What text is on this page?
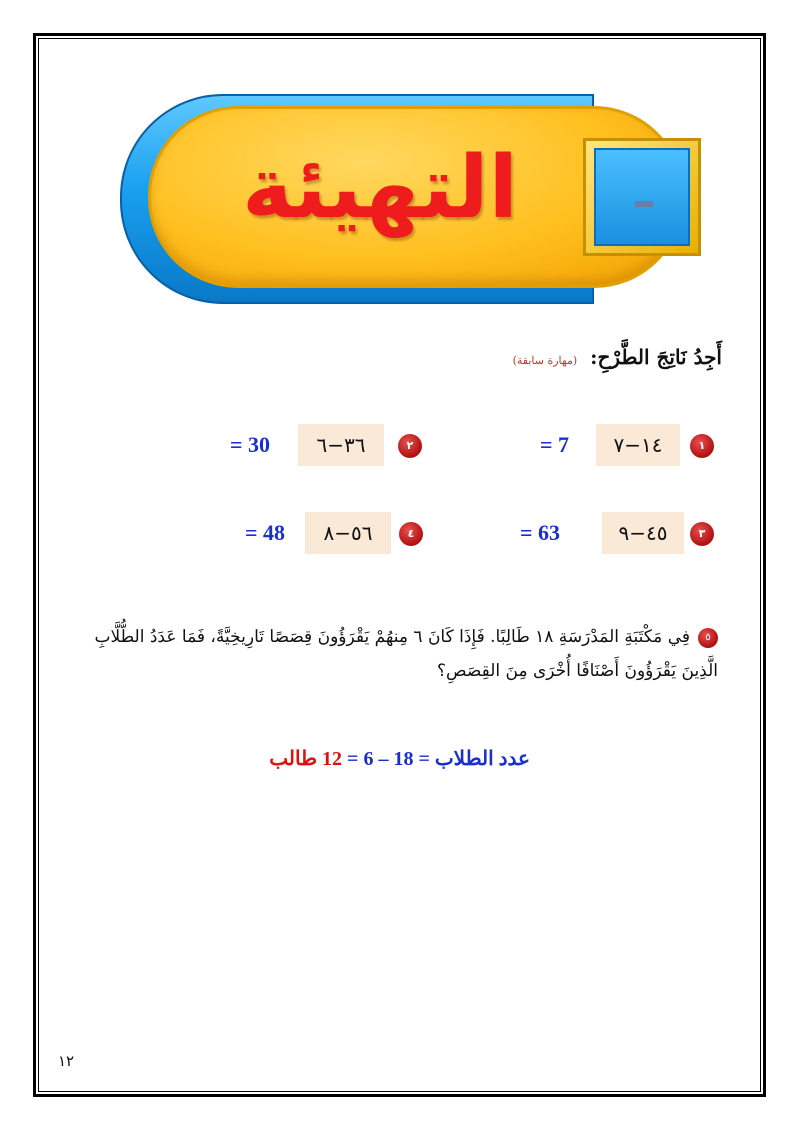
التهيئة
أَجِدُ نَاتِجَ الطَّرْحِ: (مهارة سابقة)
١
١٤−٧
= 7
٢
٣٦−٦
= 30
٣
٤٥−٩
= 63
٤
٥٦−٨
= 48
٥فِي مَكْتَبَةِ المَدْرَسَةِ ١٨ طَالِبًا. فَإِذَا كَانَ ٦ مِنهُمْ يَقْرَؤُونَ قِصَصًا تَارِيخِيَّةً، فَمَا عَدَدُ الطُّلَّابِ الَّذِينَ يَقْرَؤُونَ أَصْنَافًا أُخْرَى مِنَ القِصَصِ؟
عدد الطلاب = 18 – 6 = 12 طالب
١٢
